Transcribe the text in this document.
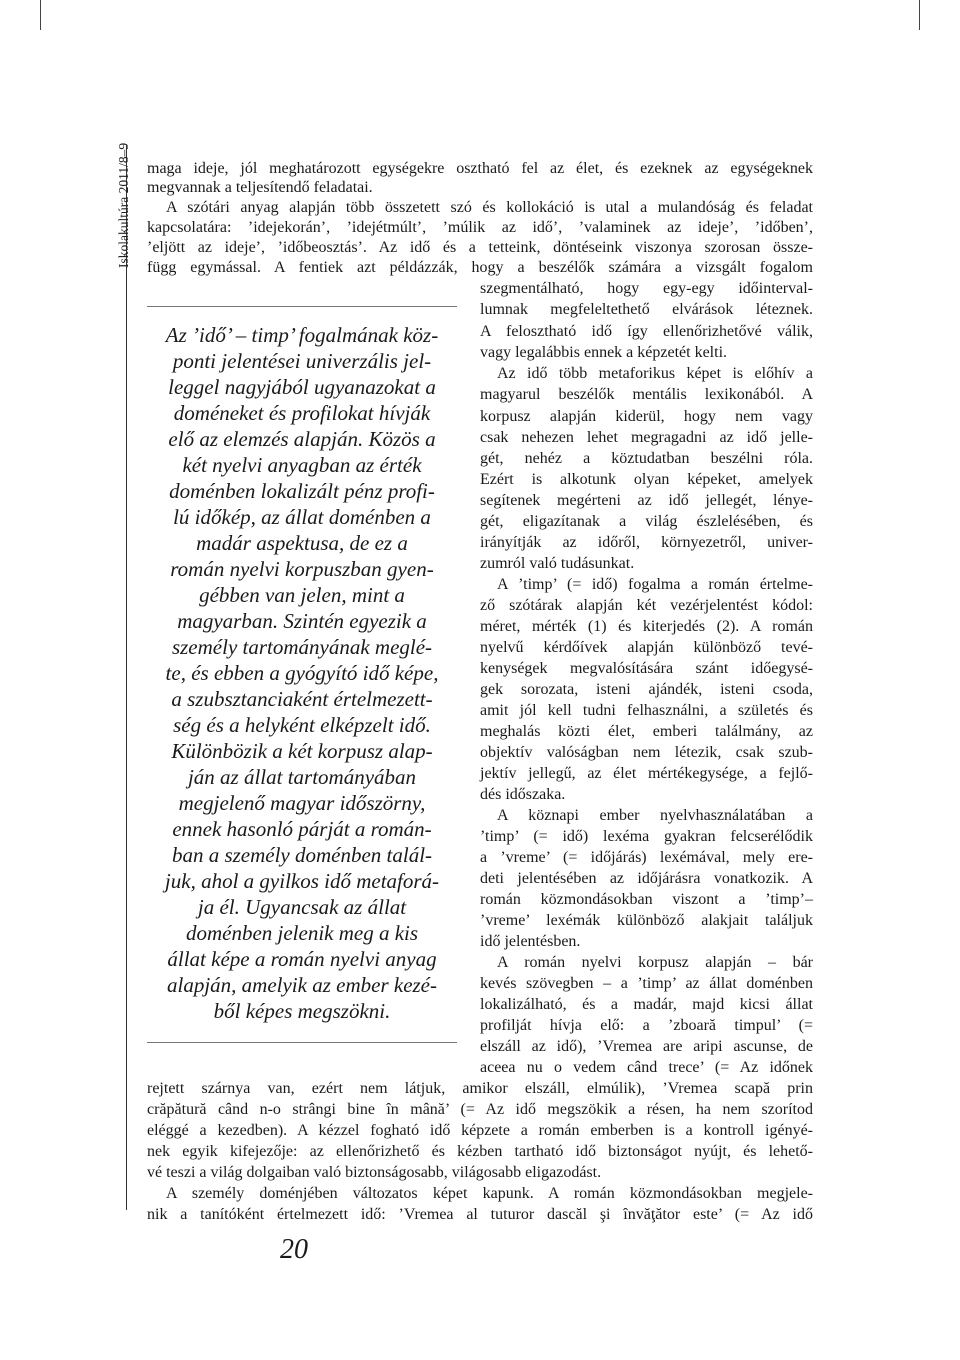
Iskolakultúra 2011/8–9 maga ideje, jól meghatározott egységekre osztható fel az élet, és ezeknek az egységeknek

megvannak a teljesítendő feladatai.

A szótári anyag alapján több összetett szó és kollokáció is utal a mulandóság és feladat

kapcsolatára: ’idejekorán’, ’idejétmúlt’, ’múlik az idő’, ’valaminek az ideje’, ’időben’,

’eljött az ideje’, ’időbeosztás’. Az idő és a tetteink, döntéseink viszonya szorosan össze-

függ egymással. A fentiek azt példázzák, hogy a beszélők számára a vizsgált fogalom

Az ’idő’ – timp’ fogalmának köz-

ponti jelentései univerzális jel-

leggel nagyjából ugyanazokat a

doméneket és profilokat hívják

elő az elemzés alapján. Közös a

két nyelvi anyagban az érték

doménben lokalizált pénz profi-

lú időkép, az állat doménben a

madár aspektusa, de ez a

román nyelvi korpuszban gyen-

gébben van jelen, mint a

magyarban. Szintén egyezik a

személy tartományának meglé-

te, és ebben a gyógyító idő képe,

a szubsztanciaként értelmezett-

ség és a helyként elképzelt idő.

Különbözik a két korpusz alap-

ján az állat tartományában

megjelenő magyar időszörny,

ennek hasonló párját a román-

ban a személy doménben talál-

juk, ahol a gyilkos idő metaforá-

ja él. Ugyancsak az állat

doménben jelenik meg a kis

állat képe a román nyelvi anyag

alapján, amelyik az ember kezé-

ből képes megszökni.

szegmentálható, hogy egy-egy időinterval-

lumnak megfeleltethető elvárások léteznek.

A felosztható idő így ellenőrizhetővé válik,

vagy legalábbis ennek a képzetét kelti.

Az idő több metaforikus képet is előhív a

magyarul beszélők mentális lexikonából. A

korpusz alapján kiderül, hogy nem vagy

csak nehezen lehet megragadni az idő jelle-

gét, nehéz a köztudatban beszélni róla.

Ezért is alkotunk olyan képeket, amelyek

segítenek megérteni az idő jellegét, lénye-

gét, eligazítanak a világ észlelésében, és

irányítják az időről, környezetről, univer-

zumról való tudásunkat.

A ’timp’ (= idő) fogalma a román értelme-

ző szótárak alapján két vezérjelentést kódol:

méret, mérték (1) és kiterjedés (2). A román

nyelvű kérdőívek alapján különböző tevé-

kenységek megvalósítására szánt időegysé-

gek sorozata, isteni ajándék, isteni csoda,

amit jól kell tudni felhasználni, a születés és

meghalás közti élet, emberi találmány, az

objektív valóságban nem létezik, csak szub-

jektív jellegű, az élet mértékegysége, a fejlő-

dés időszaka.

A köznapi ember nyelvhasználatában a

’timp’ (= idő) lexéma gyakran felcserélődik

a ’vreme’ (= időjárás) lexémával, mely ere-

deti jelentésében az időjárásra vonatkozik. A

román közmondásokban viszont a ’timp’–

’vreme’ lexémák különböző alakjait találjuk

idő jelentésben.

A román nyelvi korpusz alapján – bár

kevés szövegben – a ’timp’ az állat doménben

lokalizálható, és a madár, majd kicsi állat

profilját hívja elő: a ’zboară timpul’ (=

elszáll az idő), ’Vremea are aripi ascunse, de

aceea nu o vedem când trece’ (= Az időnek

rejtett szárnya van, ezért nem látjuk, amikor elszáll, elmúlik), ’Vremea scapă prin

crăpătură când n-o strângi bine în mână’ (= Az idő megszökik a résen, ha nem szorítod

eléggé a kezedben). A kézzel fogható idő képzete a román emberben is a kontroll igényé-

nek egyik kifejezője: az ellenőrizhető és kézben tartható idő biztonságot nyújt, és lehető-

vé teszi a világ dolgaiban való biztonságosabb, világosabb eligazodást.

A személy doménjében változatos képet kapunk. A román közmondásokban megjele-

nik a tanítóként értelmezett idő: ’Vremea al tuturor dascăl şi învăţător este’ (= Az idő

20
